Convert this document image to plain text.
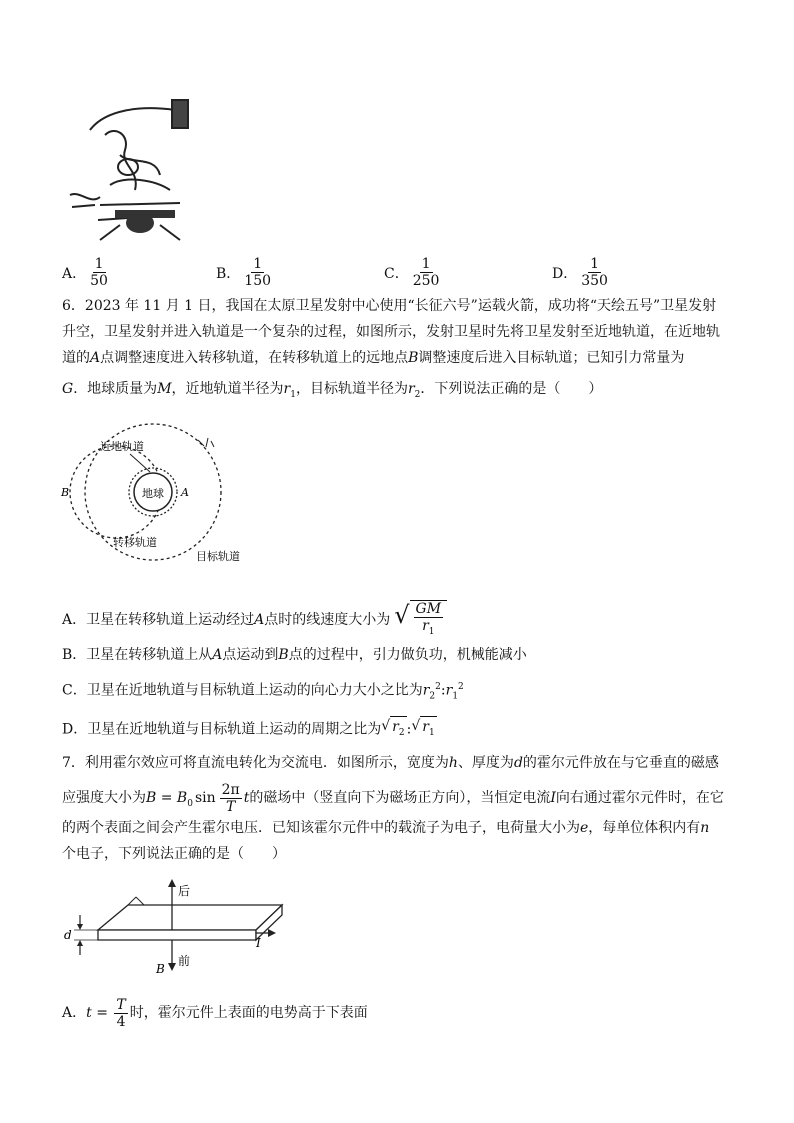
A． $\frac{1}{50}$	B． $\frac{1}{150}$	C． $\frac{1}{250}$	D． $\frac{1}{350}$
6．2023 年 11 月 1 日，我国在太原卫星发射中心使用“长征六号”运载火箭，成功将“天绘五号”卫星发射
升空，卫星发射并进入轨道是一个复杂的过程，如图所示，发射卫星时先将卫星发射至近地轨道，在近地轨
道的A点调整速度进入转移轨道，在转移轨道上的远地点B调整速度后进入目标轨道；已知引力常量为
G．地球质量为M，近地轨道半径为$r_1$，目标轨道半径为$r_2$．下列说法正确的是（　　）
地球 A
B
近地轨道
转移轨道
目标轨道
A．卫星在转移轨道上运动经过A点时的线速度大小为 √ $\frac{GM}{r_1}$
B．卫星在转移轨道上从A点运动到B点的过程中，引力做负功，机械能减小
C．卫星在近地轨道与目标轨道上运动的向心力大小之比为$r_2^2:r_1^2$
D．卫星在近地轨道与目标轨道上运动的周期之比为 √ $r_2$ : √ $r_1$
7．利用霍尔效应可将直流电转化为交流电．如图所示，宽度为h、厚度为d的霍尔元件放在与它垂直的磁感
应强度大小为$B = B_0$ $\sin \frac{2\pi}{T}$ t的磁场中（竖直向下为磁场正方向），当恒定电流I向右通过霍尔元件时，在它
的两个表面之间会产生霍尔电压．已知该霍尔元件中的载流子为电子，电荷量大小为e，每单位体积内有n
个电子，下列说法正确的是（　　）
后
前
B
I
d
A．$t = \frac{T}{4}$ 时，霍尔元件上表面的电势高于下表面
